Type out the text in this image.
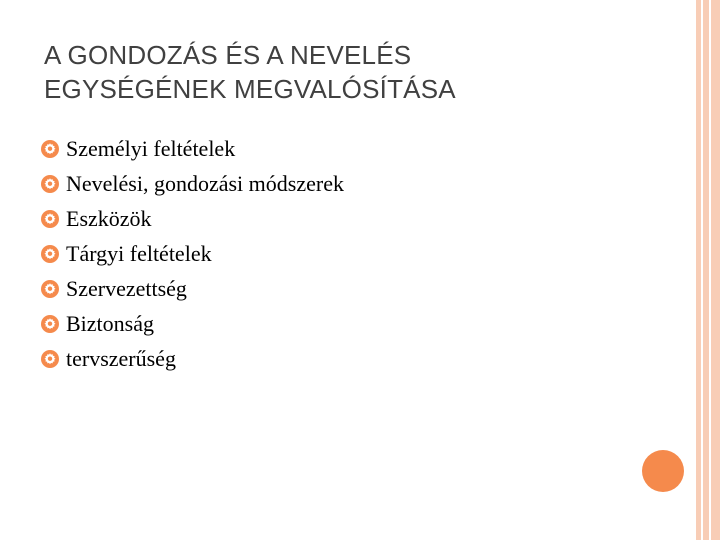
A GONDOZÁS ÉS A NEVELÉS
EGYSÉGÉNEK MEGVALÓSÍTÁSA
Személyi feltételek
Nevelési, gondozási módszerek
Eszközök
Tárgyi feltételek
Szervezettség
Biztonság
tervszerűség
